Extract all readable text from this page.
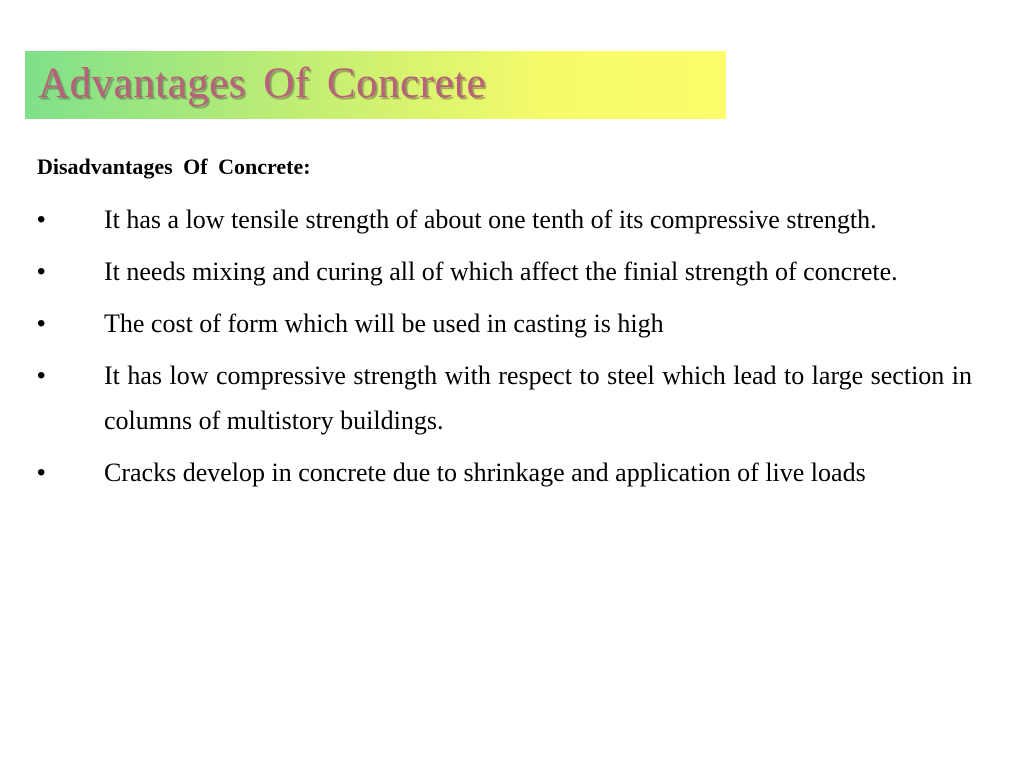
Advantages Of Concrete
Disadvantages Of Concrete:
• It has a low tensile strength of about one tenth of its compressive strength.
• It needs mixing and curing all of which affect the finial strength of concrete.
• The cost of form which will be used in casting is high
• It has low compressive strength with respect to steel which lead to large section in columns of multistory buildings.
• Cracks develop in concrete due to shrinkage and application of live loads
